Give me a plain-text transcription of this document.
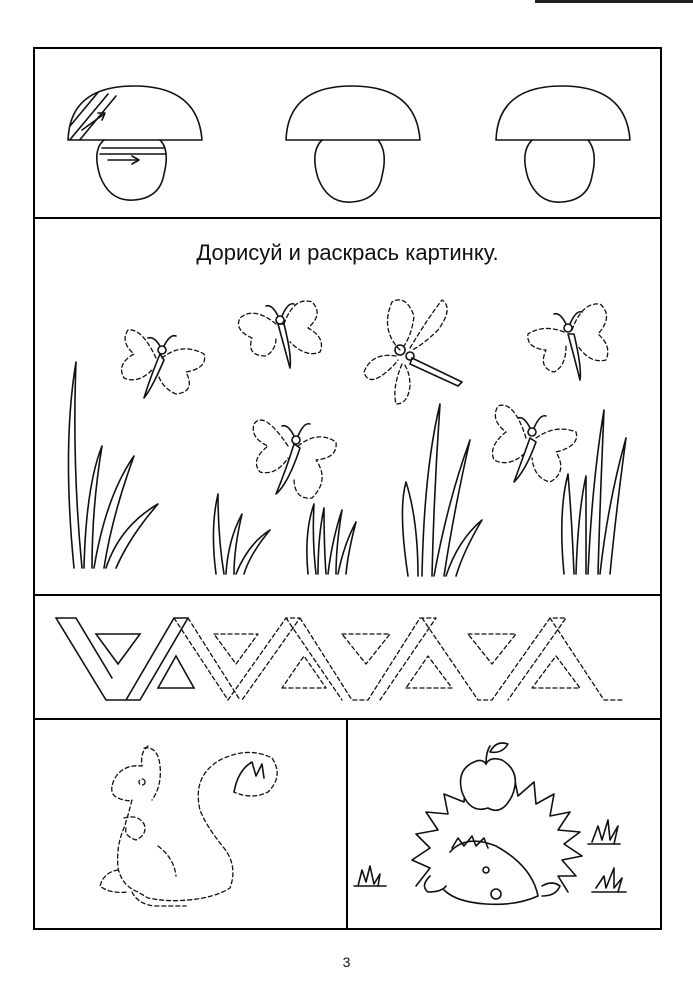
Дорисуй и раскрась картинку.
3
